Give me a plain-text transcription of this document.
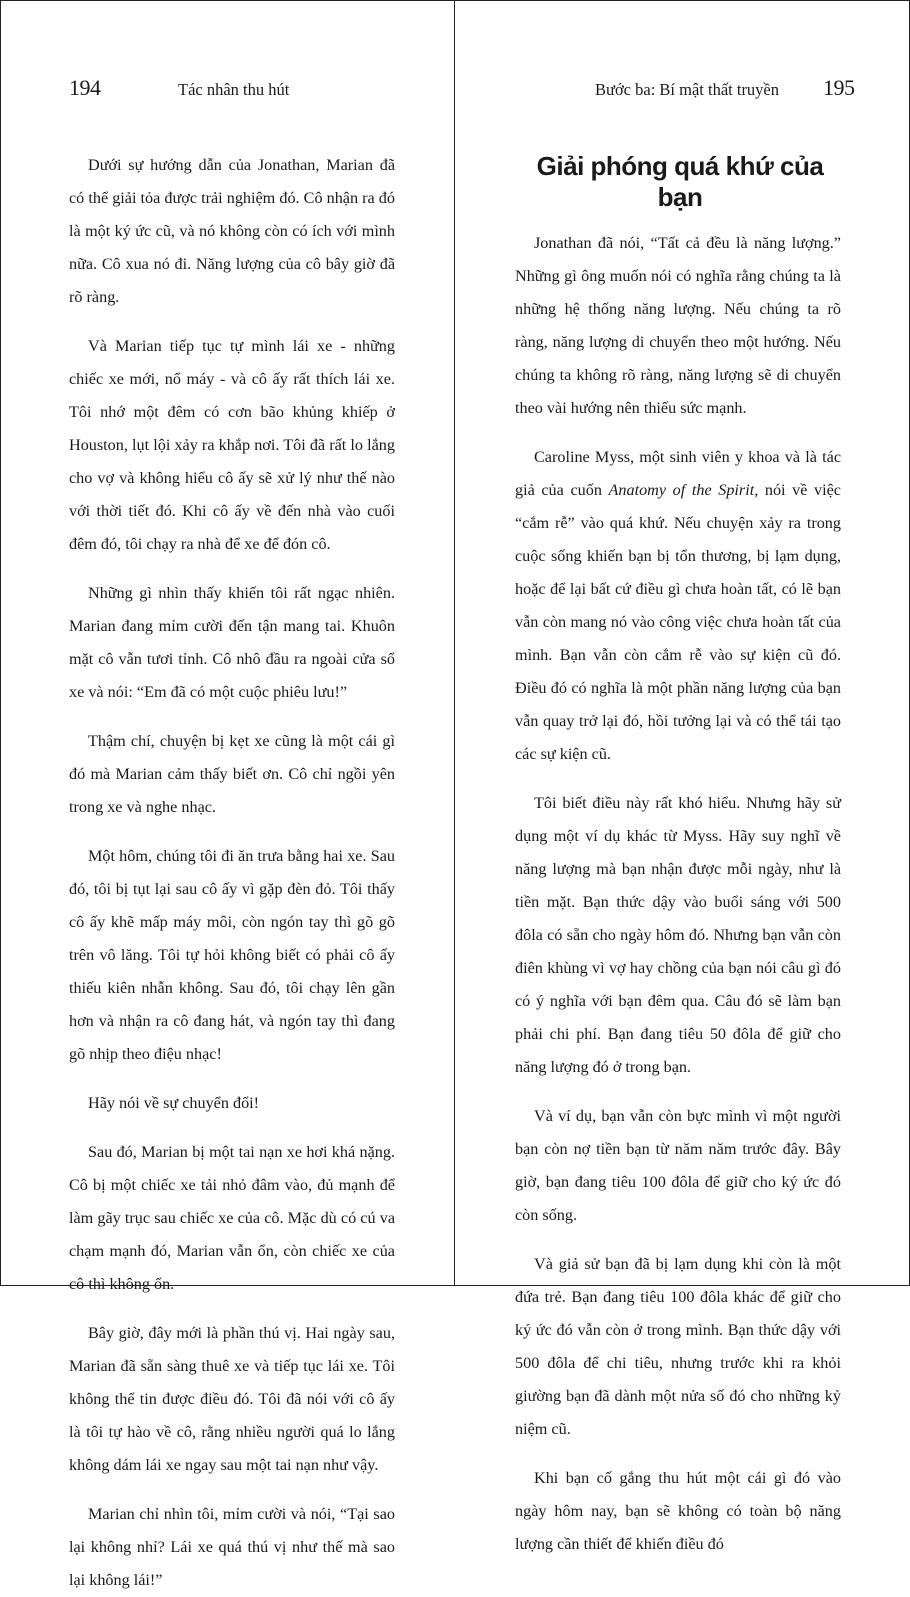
194	Tác nhân thu hút

Dưới sự hướng dẫn của Jonathan, Marian đã có thể giải tỏa được trải nghiệm đó. Cô nhận ra đó là một ký ức cũ, và nó không còn có ích với mình nữa. Cô xua nó đi. Năng lượng của cô bây giờ đã rõ ràng.

Và Marian tiếp tục tự mình lái xe - những chiếc xe mới, nổ máy - và cô ấy rất thích lái xe. Tôi nhớ một đêm có cơn bão khủng khiếp ở Houston, lụt lội xảy ra khắp nơi. Tôi đã rất lo lắng cho vợ và không hiểu cô ấy sẽ xử lý như thế nào với thời tiết đó. Khi cô ấy về đến nhà vào cuối đêm đó, tôi chạy ra nhà để xe để đón cô.

Những gì nhìn thấy khiến tôi rất ngạc nhiên. Marian đang mỉm cười đến tận mang tai. Khuôn mặt cô vẫn tươi tỉnh. Cô nhô đầu ra ngoài cửa sổ xe và nói: “Em đã có một cuộc phiêu lưu!”

Thậm chí, chuyện bị kẹt xe cũng là một cái gì đó mà Marian cảm thấy biết ơn. Cô chỉ ngồi yên trong xe và nghe nhạc.

Một hôm, chúng tôi đi ăn trưa bằng hai xe. Sau đó, tôi bị tụt lại sau cô ấy vì gặp đèn đỏ. Tôi thấy cô ấy khẽ mấp máy môi, còn ngón tay thì gõ gõ trên vô lăng. Tôi tự hỏi không biết có phải cô ấy thiếu kiên nhẫn không. Sau đó, tôi chạy lên gần hơn và nhận ra cô đang hát, và ngón tay thì đang gõ nhịp theo điệu nhạc!

Hãy nói về sự chuyển đổi!

Sau đó, Marian bị một tai nạn xe hơi khá nặng. Cô bị một chiếc xe tải nhỏ đâm vào, đủ mạnh để làm gãy trục sau chiếc xe của cô. Mặc dù có cú va chạm mạnh đó, Marian vẫn ổn, còn chiếc xe của cô thì không ổn.

Bây giờ, đây mới là phần thú vị. Hai ngày sau, Marian đã sẵn sàng thuê xe và tiếp tục lái xe. Tôi không thể tin được điều đó. Tôi đã nói với cô ấy là tôi tự hào về cô, rằng nhiều người quá lo lắng không dám lái xe ngay sau một tai nạn như vậy.

Marian chỉ nhìn tôi, mỉm cười và nói, “Tại sao lại không nhỉ? Lái xe quá thú vị như thế mà sao lại không lái!”

Bước ba: Bí mật thất truyền 195
Giải phóng quá khứ của bạn

Jonathan đã nói, “Tất cả đều là năng lượng.” Những gì ông muốn nói có nghĩa rằng chúng ta là những hệ thống năng lượng. Nếu chúng ta rõ ràng, năng lượng di chuyển theo một hướng. Nếu chúng ta không rõ ràng, năng lượng sẽ di chuyển theo vài hướng nên thiếu sức mạnh.

Caroline Myss, một sinh viên y khoa và là tác giả của cuốn Anatomy of the Spirit, nói về việc “cắm rễ” vào quá khứ. Nếu chuyện xảy ra trong cuộc sống khiến bạn bị tổn thương, bị lạm dụng, hoặc để lại bất cứ điều gì chưa hoàn tất, có lẽ bạn vẫn còn mang nó vào công việc chưa hoàn tất của mình. Bạn vẫn còn cắm rễ vào sự kiện cũ đó. Điều đó có nghĩa là một phần năng lượng của bạn vẫn quay trở lại đó, hồi tưởng lại và có thể tái tạo các sự kiện cũ.

Tôi biết điều này rất khó hiểu. Nhưng hãy sử dụng một ví dụ khác từ Myss. Hãy suy nghĩ về năng lượng mà bạn nhận được mỗi ngày, như là tiền mặt. Bạn thức dậy vào buổi sáng với 500 đôla có sẵn cho ngày hôm đó. Nhưng bạn vẫn còn điên khùng vì vợ hay chồng của bạn nói câu gì đó có ý nghĩa với bạn đêm qua. Câu đó sẽ làm bạn phải chi phí. Bạn đang tiêu 50 đôla để giữ cho năng lượng đó ở trong bạn.

Và ví dụ, bạn vẫn còn bực mình vì một người bạn còn nợ tiền bạn từ năm năm trước đây. Bây giờ, bạn đang tiêu 100 đôla để giữ cho ký ức đó còn sống.

Và giả sử bạn đã bị lạm dụng khi còn là một đứa trẻ. Bạn đang tiêu 100 đôla khác để giữ cho ký ức đó vẫn còn ở trong mình. Bạn thức dậy với 500 đôla để chi tiêu, nhưng trước khi ra khỏi giường bạn đã dành một nửa số đó cho những kỷ niệm cũ.

Khi bạn cố gắng thu hút một cái gì đó vào ngày hôm nay, bạn sẽ không có toàn bộ năng lượng cần thiết để khiến điều đó
